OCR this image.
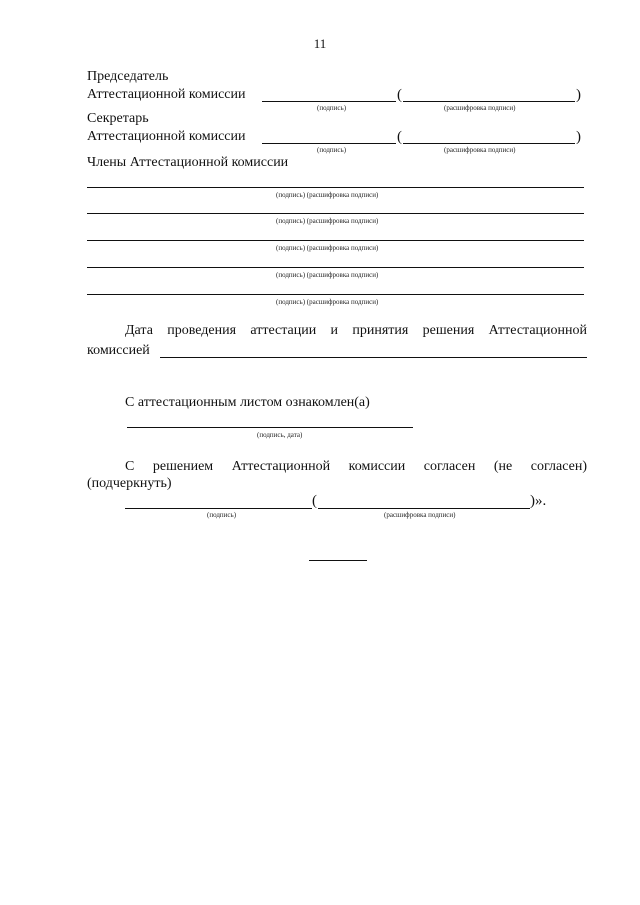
11
Председатель
Аттестационной комиссии	(	)
(подпись)	(расшифровка подписи)
Секретарь
Аттестационной комиссии	(	)
(подпись)	(расшифровка подписи)
Члены Аттестационной комиссии
(подпись) (расшифровка подписи)
(подпись) (расшифровка подписи)
(подпись) (расшифровка подписи)
(подпись) (расшифровка подписи)
(подпись) (расшифровка подписи)
Дата проведения аттестации и принятия решения Аттестационной
комиссией
С аттестационным листом ознакомлен(а)
(подпись, дата)
С решением Аттестационной комиссии согласен (не согласен)
(подчеркнуть)
(	)».
(подпись)	(расшифровка подписи)
